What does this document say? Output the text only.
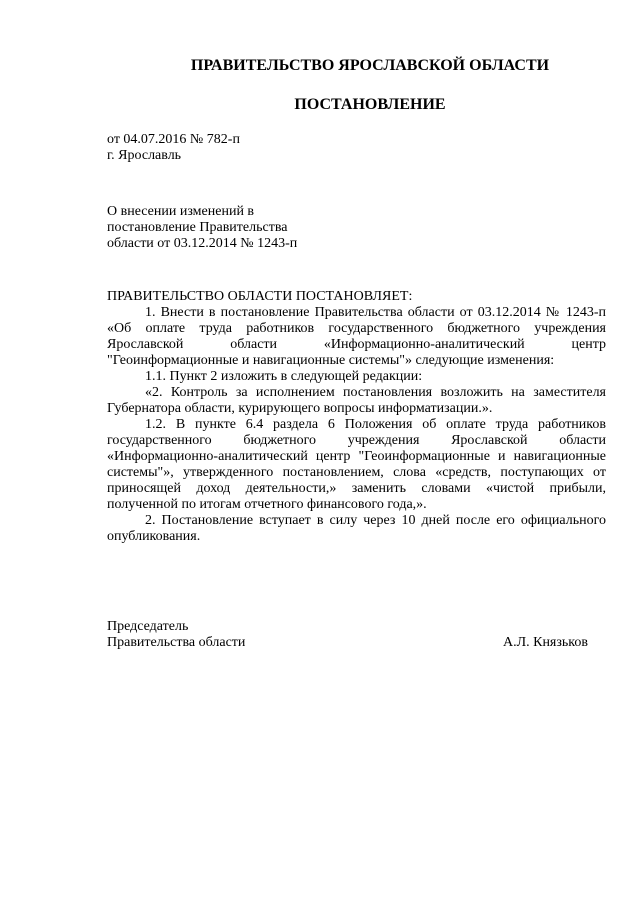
ПРАВИТЕЛЬСТВО ЯРОСЛАВСКОЙ ОБЛАСТИ
ПОСТАНОВЛЕНИЕ
от 04.07.2016 № 782-п
г. Ярославль
О внесении изменений в
постановление Правительства
области от 03.12.2014 № 1243-п

ПРАВИТЕЛЬСТВО ОБЛАСТИ ПОСТАНОВЛЯЕТ:

1. Внести в постановление Правительства области от 03.12.2014 № 1243-п «Об оплате труда работников государственного бюджетного учреждения Ярославской области «Информационно-аналитический центр "Геоинформационные и навигационные системы"» следующие изменения:

1.1. Пункт 2 изложить в следующей редакции:

«2. Контроль за исполнением постановления возложить на заместителя Губернатора области, курирующего вопросы информатизации.».

1.2. В пункте 6.4 раздела 6 Положения об оплате труда работников государственного бюджетного учреждения Ярославской области «Информационно-аналитический центр "Геоинформационные и навигационные системы"», утвержденного постановлением, слова «средств, поступающих от приносящей доход деятельности,» заменить словами «чистой прибыли, полученной по итогам отчетного финансового года,».

2. Постановление вступает в силу через 10 дней после его официального опубликования.

Председатель
Правительства области	А.Л. Князьков
